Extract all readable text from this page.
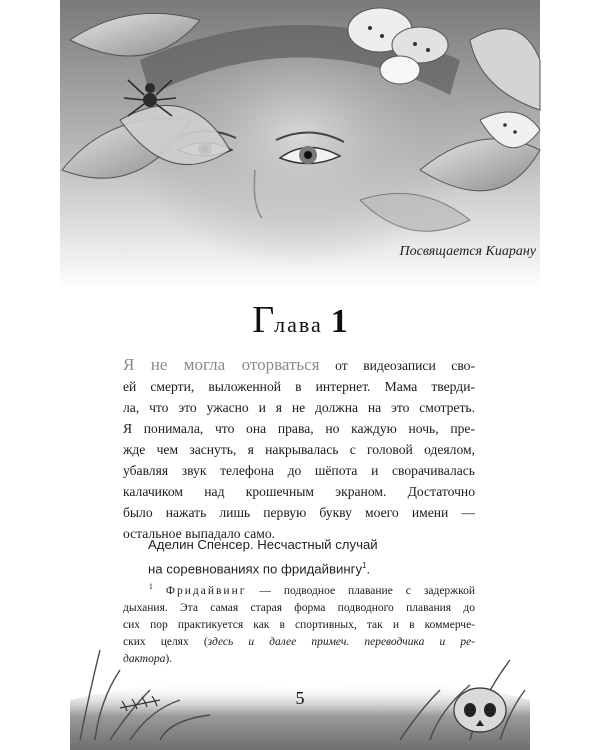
Посвящается Киарану
Г лава 1
Я не могла оторваться от видеозаписи сво-
ей смерти, выложенной в интернет. Мама тверди-
ла, что это ужасно и я не должна на это смотреть.
Я понимала, что она права, но каждую ночь, пре-
жде чем заснуть, я накрывалась с головой одеялом,
убавляя звук телефона до шёпота и сворачивалась
калачиком над крошечным экраном. Достаточно
было нажать лишь первую букву моего имени —
остальное выпадало само.
Аделин Спенсер. Несчастный случай
на соревнованиях по фридайвингу$^1$.
$^1$ Фридайвинг — подводное плавание с задержкой
дыхания. Эта самая старая форма подводного плавания до
сих пор практикуется как в спортивных, так и в коммерче-
ских целях (здесь и далее примеч. переводчика и ре-
дактора).
5
